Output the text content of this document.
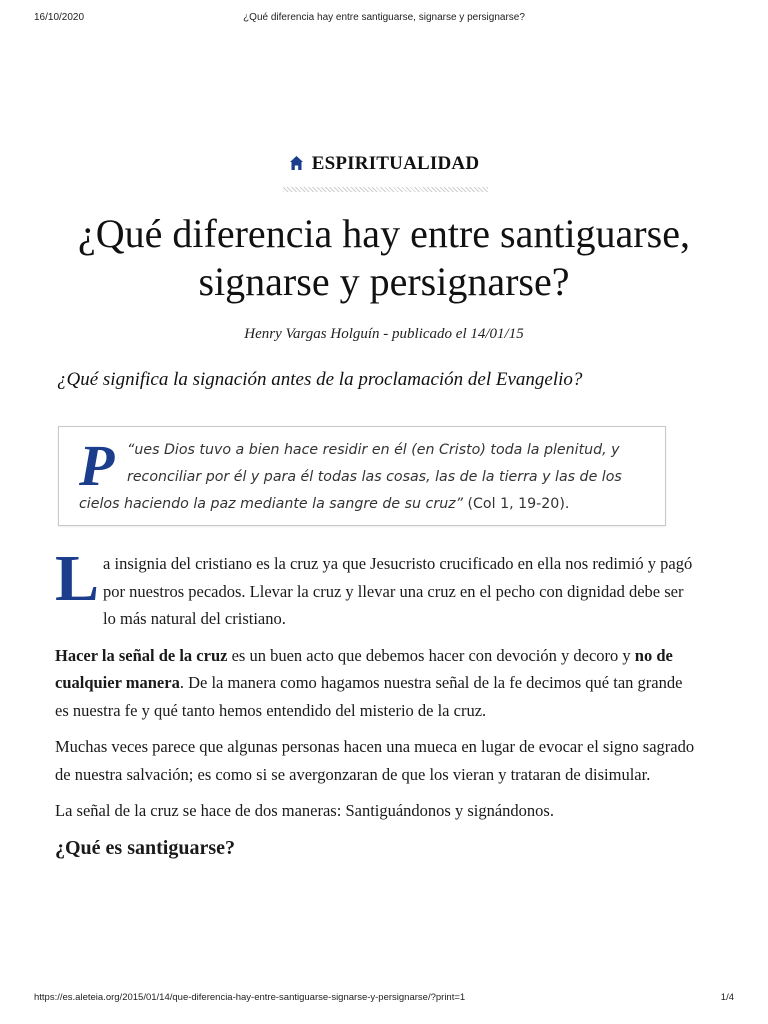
16/10/2020	¿Qué diferencia hay entre santiguarse, signarse y persignarse?
ESPIRITUALIDAD
¿Qué diferencia hay entre santiguarse, signarse y persignarse?
Henry Vargas Holguín - publicado el 14/01/15
¿Qué significa la signación antes de la proclamación del Evangelio?
P “ues Dios tuvo a bien hace residir en él (en Cristo) toda la plenitud, y reconciliar por él y para él todas las cosas, las de la tierra y las de los cielos haciendo la paz mediante la sangre de su cruz” (Col 1, 19-20).

La insignia del cristiano es la cruz ya que Jesucristo crucificado en ella nos redimió y pagó por nuestros pecados. Llevar la cruz y llevar una cruz en el pecho con dignidad debe ser lo más natural del cristiano.

Hacer la señal de la cruz es un buen acto que debemos hacer con devoción y decoro y no de cualquier manera. De la manera como hagamos nuestra señal de la fe decimos qué tan grande es nuestra fe y qué tanto hemos entendido del misterio de la cruz.

Muchas veces parece que algunas personas hacen una mueca en lugar de evocar el signo sagrado de nuestra salvación; es como si se avergonzaran de que los vieran y trataran de disimular.

La señal de la cruz se hace de dos maneras: Santiguándonos y signándonos.

¿Qué es santiguarse?
https://es.aleteia.org/2015/01/14/que-diferencia-hay-entre-santiguarse-signarse-y-persignarse/?print=1	1/4
